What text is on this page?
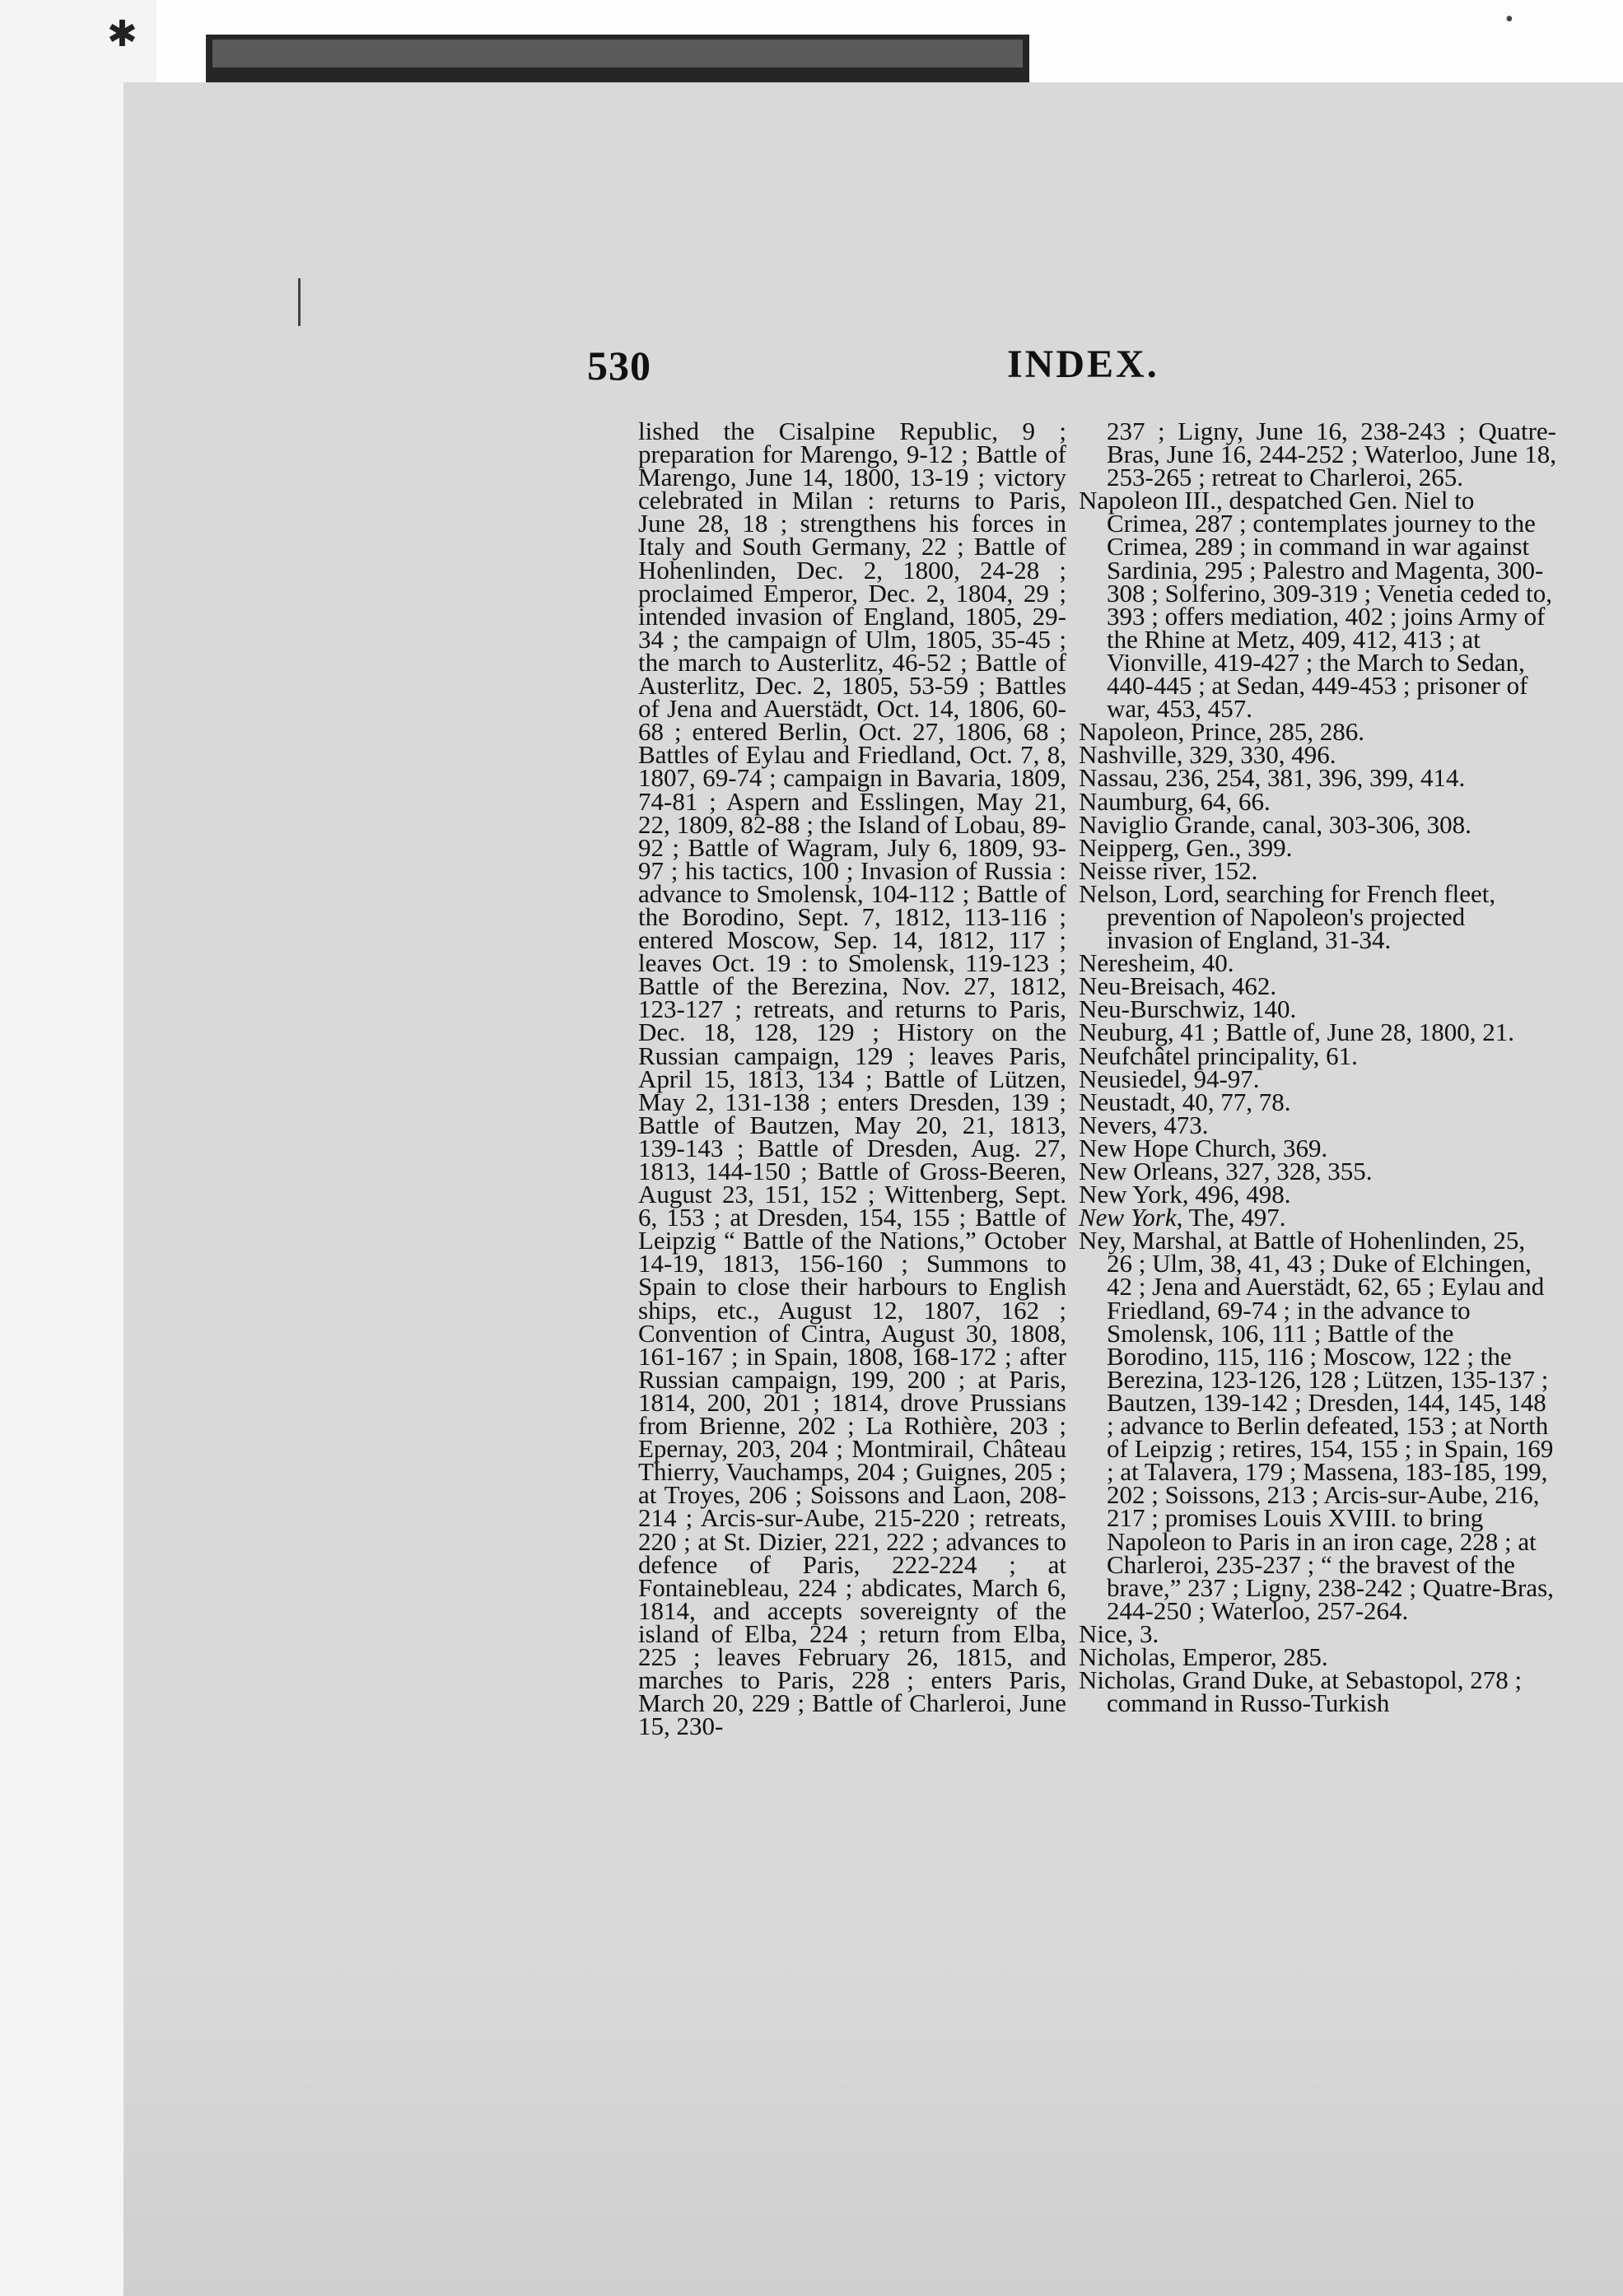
✱	•
530	INDEX.

lished the Cisalpine Republic, 9 ; preparation for Marengo, 9-12 ; Battle of Marengo, June 14, 1800, 13-19 ; victory celebrated in Milan : returns to Paris, June 28, 18 ; strengthens his forces in Italy and South Germany, 22 ; Battle of Hohenlinden, Dec. 2, 1800, 24-28 ; proclaimed Emperor, Dec. 2, 1804, 29 ; intended invasion of England, 1805, 29-34 ; the campaign of Ulm, 1805, 35-45 ; the march to Austerlitz, 46-52 ; Battle of Austerlitz, Dec. 2, 1805, 53-59 ; Battles of Jena and Auerstädt, Oct. 14, 1806, 60-68 ; entered Berlin, Oct. 27, 1806, 68 ; Battles of Eylau and Friedland, Oct. 7, 8, 1807, 69-74 ; campaign in Bavaria, 1809, 74-81 ; Aspern and Esslingen, May 21, 22, 1809, 82-88 ; the Island of Lobau, 89-92 ; Battle of Wagram, July 6, 1809, 93-97 ; his tactics, 100 ; Invasion of Russia : advance to Smolensk, 104-112 ; Battle of the Borodino, Sept. 7, 1812, 113-116 ; entered Moscow, Sep. 14, 1812, 117 ; leaves Oct. 19 : to Smolensk, 119-123 ; Battle of the Berezina, Nov. 27, 1812, 123-127 ; retreats, and returns to Paris, Dec. 18, 128, 129 ; History on the Russian campaign, 129 ; leaves Paris, April 15, 1813, 134 ; Battle of Lützen, May 2, 131-138 ; enters Dresden, 139 ; Battle of Bautzen, May 20, 21, 1813, 139-143 ; Battle of Dresden, Aug. 27, 1813, 144-150 ; Battle of Gross-Beeren, August 23, 151, 152 ; Wittenberg, Sept. 6, 153 ; at Dresden, 154, 155 ; Battle of Leipzig “ Battle of the Nations,” October 14-19, 1813, 156-160 ; Summons to Spain to close their harbours to English ships, etc., August 12, 1807, 162 ; Convention of Cintra, August 30, 1808, 161-167 ; in Spain, 1808, 168-172 ; after Russian campaign, 199, 200 ; at Paris, 1814, 200, 201 ; 1814, drove Prussians from Brienne, 202 ; La Rothière, 203 ; Epernay, 203, 204 ; Montmirail, Château Thierry, Vauchamps, 204 ; Guignes, 205 ; at Troyes, 206 ; Soissons and Laon, 208-214 ; Arcis-sur-Aube, 215-220 ; retreats, 220 ; at St. Dizier, 221, 222 ; advances to defence of Paris, 222-224 ; at Fontainebleau, 224 ; abdicates, March 6, 1814, and accepts sovereignty of the island of Elba, 224 ; return from Elba, 225 ; leaves February 26, 1815, and marches to Paris, 228 ; enters Paris, March 20, 229 ; Battle of Charleroi, June 15, 230-

237 ; Ligny, June 16, 238-243 ; Quatre-Bras, June 16, 244-252 ; Waterloo, June 18, 253-265 ; retreat to Charleroi, 265.

Napoleon III., despatched Gen. Niel to Crimea, 287 ; contemplates journey to the Crimea, 289 ; in command in war against Sardinia, 295 ; Palestro and Magenta, 300-308 ; Solferino, 309-319 ; Venetia ceded to, 393 ; offers mediation, 402 ; joins Army of the Rhine at Metz, 409, 412, 413 ; at Vionville, 419-427 ; the March to Sedan, 440-445 ; at Sedan, 449-453 ; prisoner of war, 453, 457.

Napoleon, Prince, 285, 286.

Nashville, 329, 330, 496.

Nassau, 236, 254, 381, 396, 399, 414.

Naumburg, 64, 66.

Naviglio Grande, canal, 303-306, 308.

Neipperg, Gen., 399.

Neisse river, 152.

Nelson, Lord, searching for French fleet, prevention of Napoleon's projected invasion of England, 31-34.

Neresheim, 40.

Neu-Breisach, 462.

Neu-Burschwiz, 140.

Neuburg, 41 ; Battle of, June 28, 1800, 21.

Neufchâtel principality, 61.

Neusiedel, 94-97.

Neustadt, 40, 77, 78.

Nevers, 473.

New Hope Church, 369.

New Orleans, 327, 328, 355.

New York, 496, 498.

New York, The, 497.

Ney, Marshal, at Battle of Hohenlinden, 25, 26 ; Ulm, 38, 41, 43 ; Duke of Elchingen, 42 ; Jena and Auerstädt, 62, 65 ; Eylau and Friedland, 69-74 ; in the advance to Smolensk, 106, 111 ; Battle of the Borodino, 115, 116 ; Moscow, 122 ; the Berezina, 123-126, 128 ; Lützen, 135-137 ; Bautzen, 139-142 ; Dresden, 144, 145, 148 ; advance to Berlin defeated, 153 ; at North of Leipzig ; retires, 154, 155 ; in Spain, 169 ; at Talavera, 179 ; Massena, 183-185, 199, 202 ; Soissons, 213 ; Arcis-sur-Aube, 216, 217 ; promises Louis XVIII. to bring Napoleon to Paris in an iron cage, 228 ; at Charleroi, 235-237 ; “ the bravest of the brave,” 237 ; Ligny, 238-242 ; Quatre-Bras, 244-250 ; Waterloo, 257-264.

Nice, 3.

Nicholas, Emperor, 285.

Nicholas, Grand Duke, at Sebastopol, 278 ; command in Russo-Turkish
